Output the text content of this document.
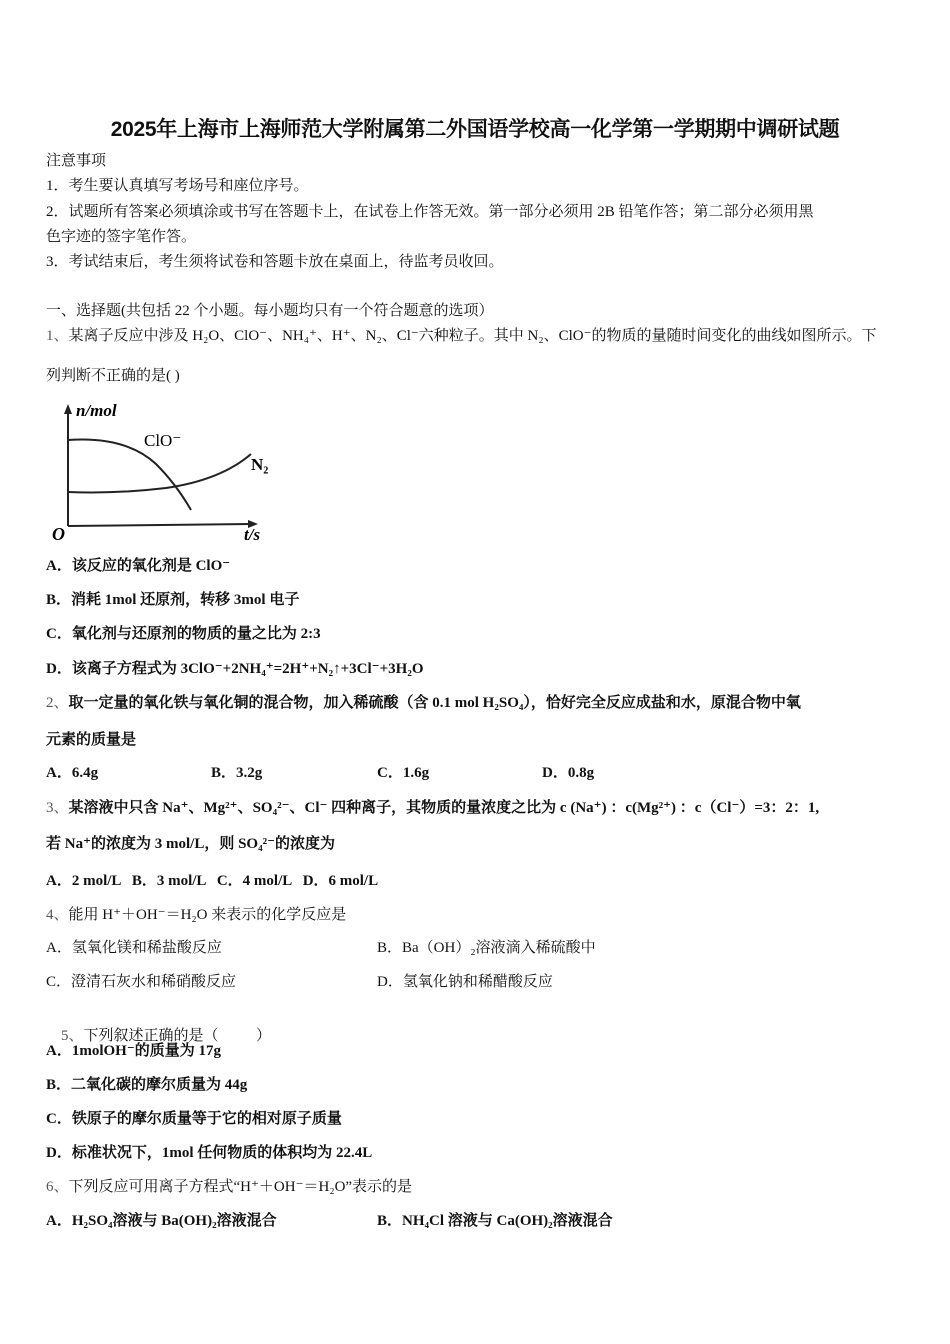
2025年上海市上海师范大学附属第二外国语学校高一化学第一学期期中调研试题
注意事项
1．考生要认真填写考场号和座位序号。
2．试题所有答案必须填涂或书写在答题卡上，在试卷上作答无效。第一部分必须用 2B 铅笔作答；第二部分必须用黑
色字迹的签字笔作答。
3．考试结束后，考生须将试卷和答题卡放在桌面上，待监考员收回。
一、选择题(共包括 22 个小题。每小题均只有一个符合题意的选项）
1、某离子反应中涉及 H₂O、ClO⁻、NH₄⁺、H⁺、N₂、Cl⁻六种粒子。其中 N₂、ClO⁻的物质的量随时间变化的曲线如图所示。下
列判断不正确的是( )
n/mol
ClO⁻
N₂
O	t/s
A．该反应的氧化剂是 ClO⁻
B．消耗 1mol 还原剂，转移 3mol 电子
C．氧化剂与还原剂的物质的量之比为 2:3
D．该离子方程式为 3ClO⁻+2NH₄⁺=2H⁺+N₂↑+3Cl⁻+3H₂O
2、取一定量的氧化铁与氧化铜的混合物，加入稀硫酸（含 0.1 mol H₂SO₄），恰好完全反应成盐和水，原混合物中氧
元素的质量是
A．6.4g	B．3.2g	C．1.6g	D．0.8g
3、某溶液中只含 Na⁺、Mg²⁺、SO₄²⁻、Cl⁻ 四种离子，其物质的量浓度之比为 c (Na⁺) ：c(Mg²⁺) ：c（Cl⁻）=3：2：1,
若 Na⁺的浓度为 3 mol/L，则 SO₄²⁻的浓度为
A．2 mol/L   B．3 mol/L   C．4 mol/L   D．6 mol/L
4、能用 H⁺＋OH⁻＝H₂O 来表示的化学反应是
A．氢氧化镁和稀盐酸反应	B．Ba（OH）₂溶液滴入稀硫酸中
C．澄清石灰水和稀硝酸反应	D．氢氧化钠和稀醋酸反应

5、下列叙述正确的是（          ）

A．1molOH⁻的质量为 17g
B．二氧化碳的摩尔质量为 44g
C．铁原子的摩尔质量等于它的相对原子质量
D．标准状况下，1mol 任何物质的体积均为 22.4L
6、下列反应可用离子方程式“H⁺＋OH⁻＝H₂O”表示的是
A．H₂SO₄溶液与 Ba(OH)₂溶液混合	B．NH₄Cl 溶液与 Ca(OH)₂溶液混合
